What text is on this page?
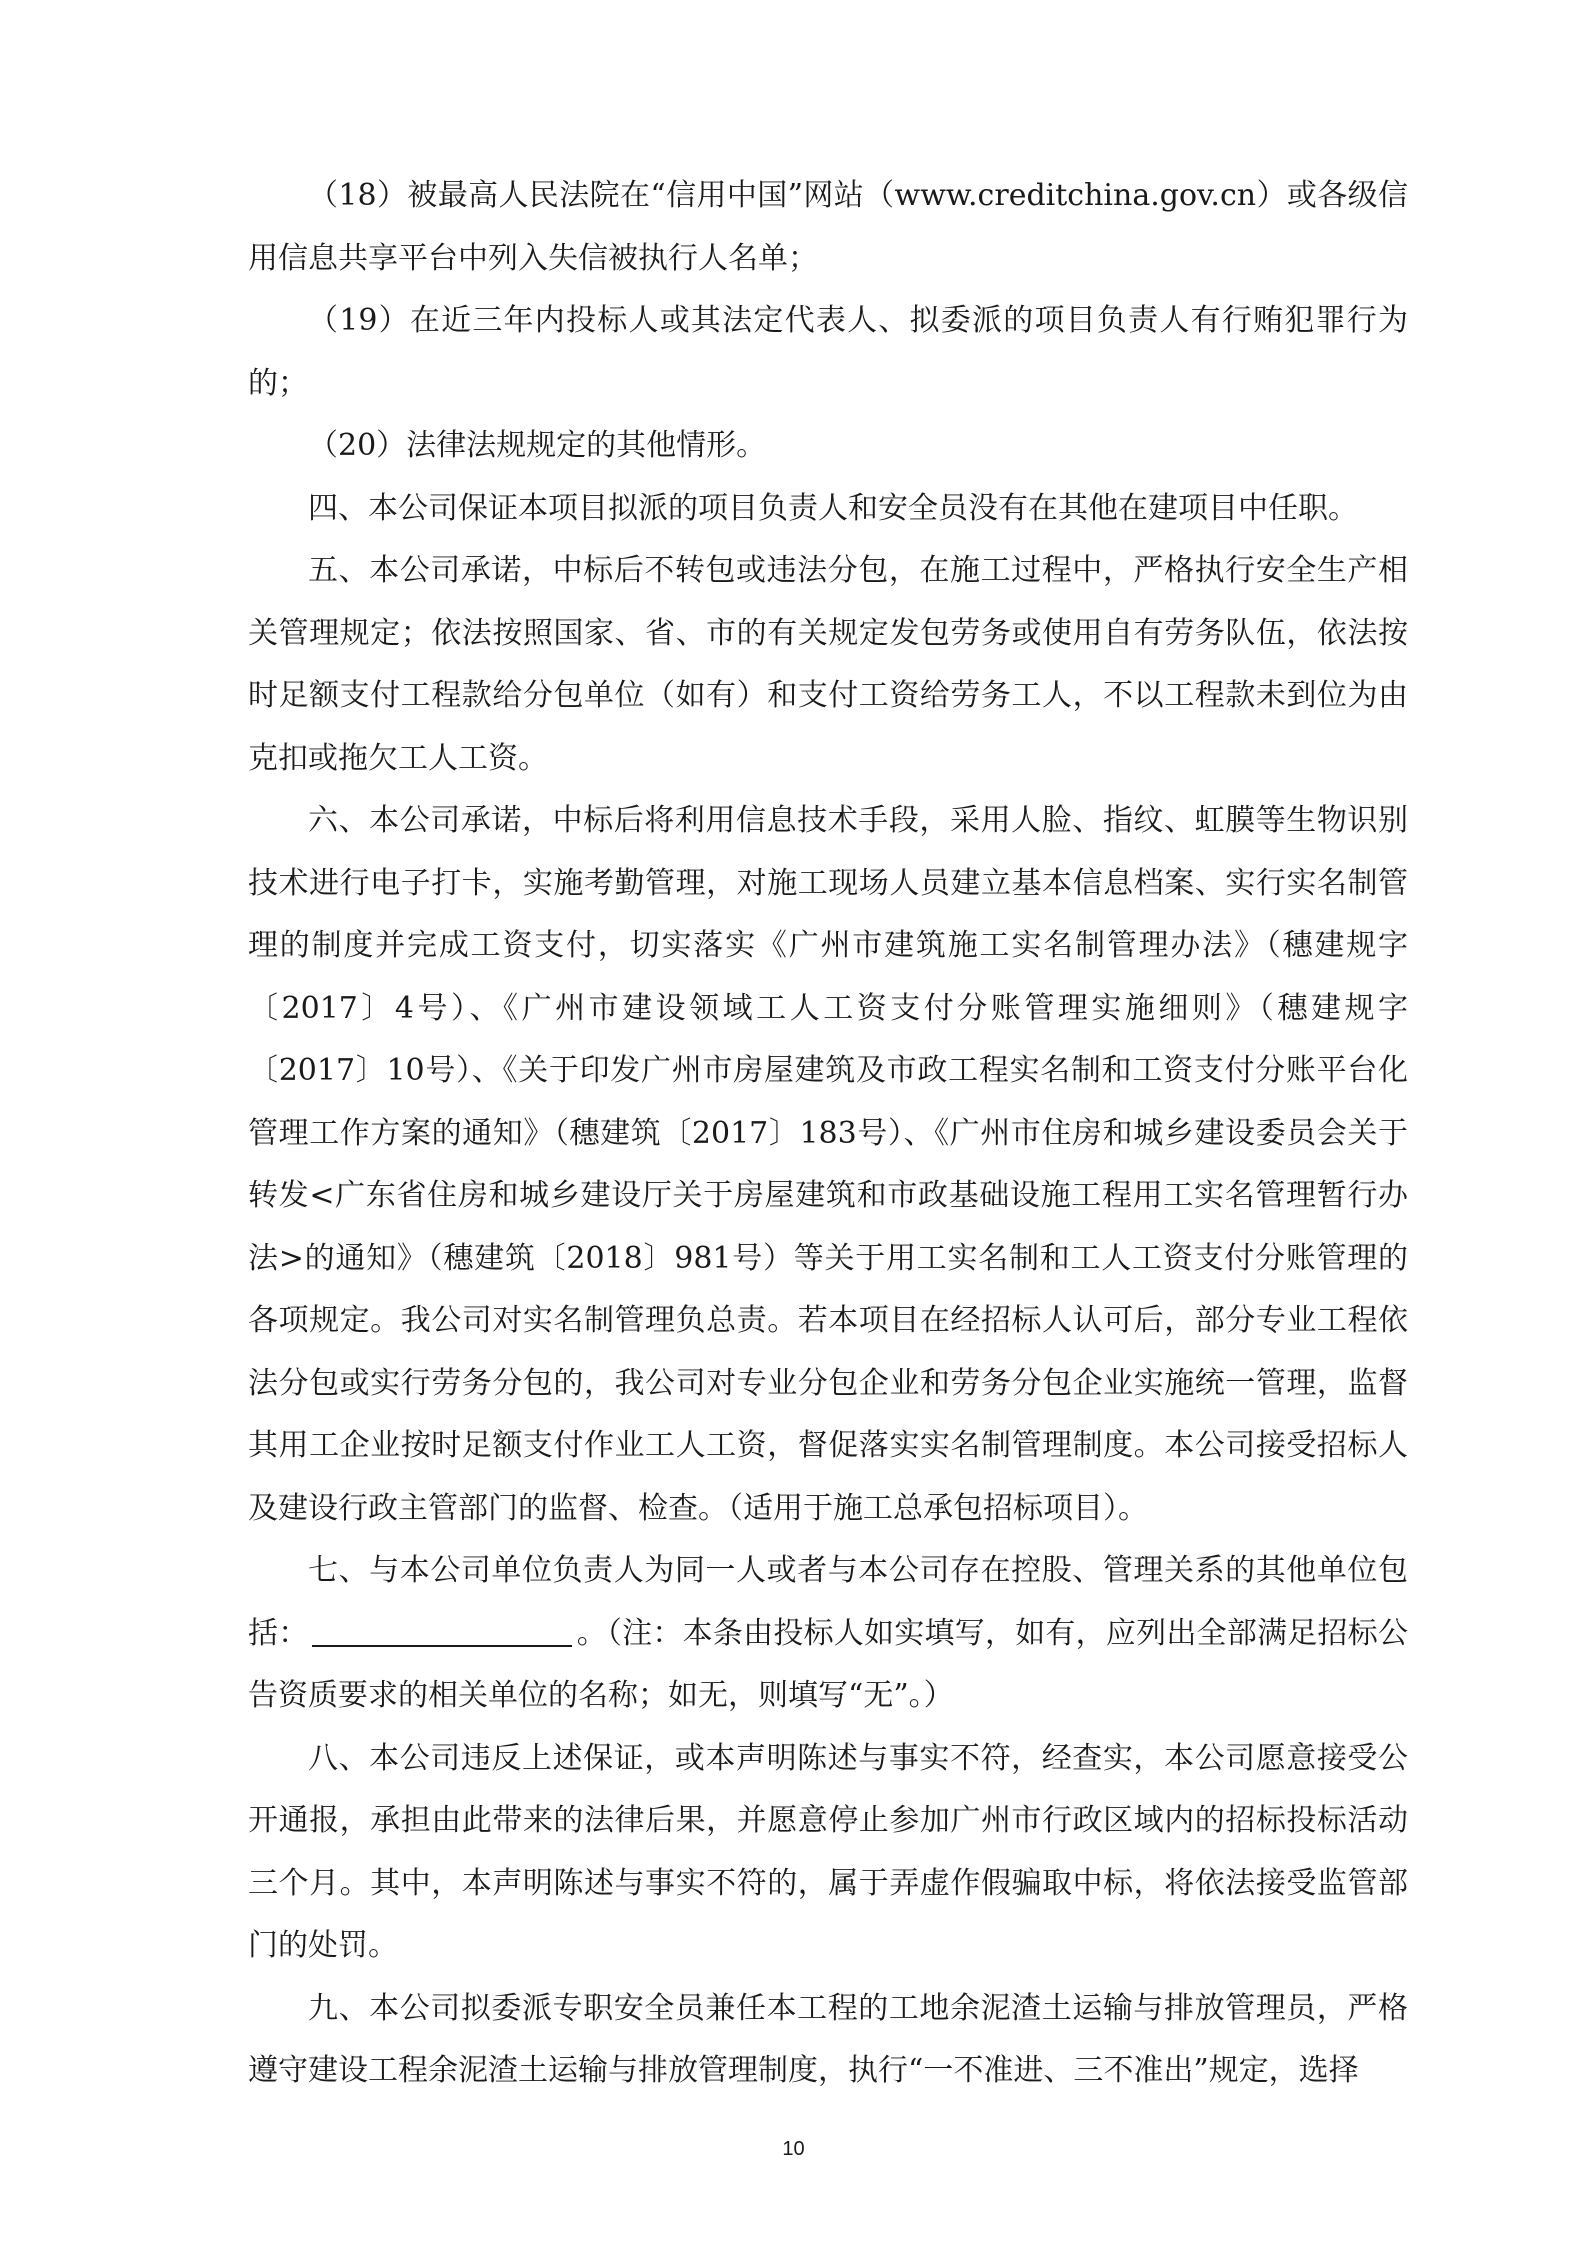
（18）被最高人民法院在“信用中国”网站（www.creditchina.gov.cn）或各级信用信息共享平台中列入失信被执行人名单；

（19）在近三年内投标人或其法定代表人、拟委派的项目负责人有行贿犯罪行为的；

（20）法律法规规定的其他情形。

四、本公司保证本项目拟派的项目负责人和安全员没有在其他在建项目中任职。

五、本公司承诺，中标后不转包或违法分包，在施工过程中，严格执行安全生产相关管理规定；依法按照国家、省、市的有关规定发包劳务或使用自有劳务队伍，依法按时足额支付工程款给分包单位（如有）和支付工资给劳务工人，不以工程款未到位为由克扣或拖欠工人工资。

六、本公司承诺，中标后将利用信息技术手段，采用人脸、指纹、虹膜等生物识别技术进行电子打卡，实施考勤管理，对施工现场人员建立基本信息档案、实行实名制管理的制度并完成工资支付，切实落实《广州市建筑施工实名制管理办法》（穗建规字〔2017〕4号）、《广州市建设领域工人工资支付分账管理实施细则》（穗建规字〔2017〕10号）、《关于印发广州市房屋建筑及市政工程实名制和工资支付分账平台化管理工作方案的通知》（穗建筑〔2017〕183号）、《广州市住房和城乡建设委员会关于转发<广东省住房和城乡建设厅关于房屋建筑和市政基础设施工程用工实名管理暂行办法>的通知》（穗建筑〔2018〕981号）等关于用工实名制和工人工资支付分账管理的各项规定。我公司对实名制管理负总责。若本项目在经招标人认可后，部分专业工程依法分包或实行劳务分包的，我公司对专业分包企业和劳务分包企业实施统一管理，监督其用工企业按时足额支付作业工人工资，督促落实实名制管理制度。本公司接受招标人及建设行政主管部门的监督、检查。（适用于施工总承包招标项目）。

七、与本公司单位负责人为同一人或者与本公司存在控股、管理关系的其他单位包括：	。（注：本条由投标人如实填写，如有，应列出全部满足招标公告资质要求的相关单位的名称；如无，则填写“无”。）

八、本公司违反上述保证，或本声明陈述与事实不符，经查实，本公司愿意接受公开通报，承担由此带来的法律后果，并愿意停止参加广州市行政区域内的招标投标活动三个月。其中，本声明陈述与事实不符的，属于弄虚作假骗取中标，将依法接受监管部门的处罚。

九、本公司拟委派专职安全员兼任本工程的工地余泥渣土运输与排放管理员，严格遵守建设工程余泥渣土运输与排放管理制度，执行“一不准进、三不准出”规定，选择

10
